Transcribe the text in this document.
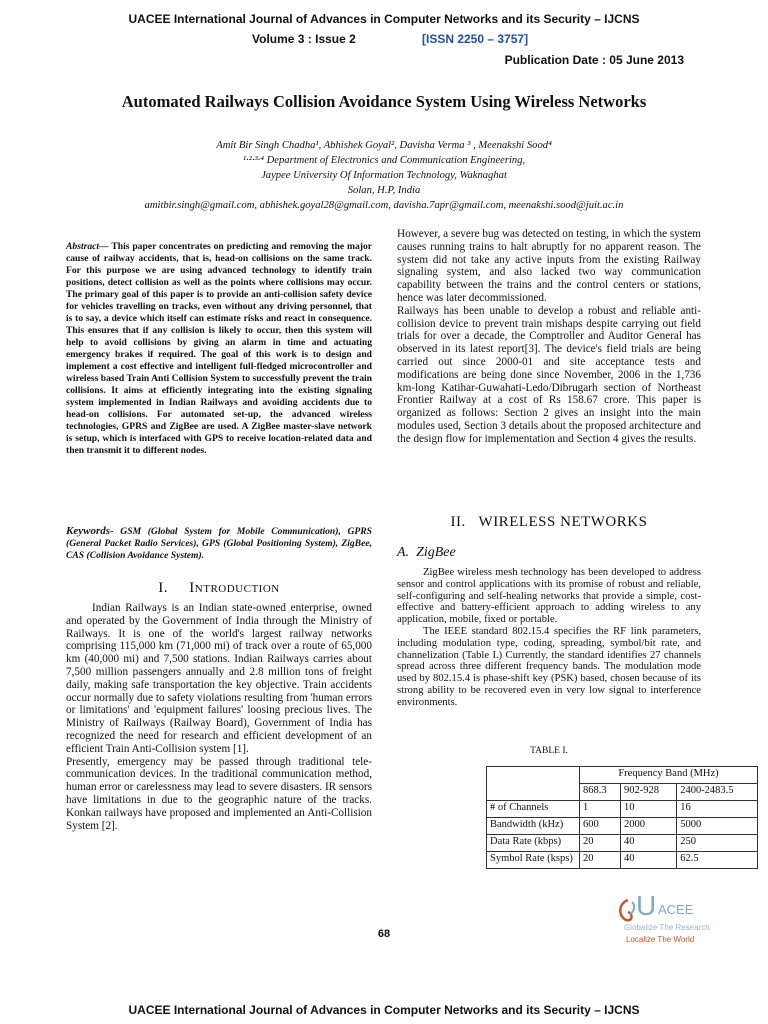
UACEE International Journal of Advances in Computer Networks and its Security – IJCNS
Volume 3 : Issue 2	[ISSN 2250 – 3757]
Publication Date : 05 June 2013
Automated Railways Collision Avoidance System Using Wireless Networks
Amit Bir Singh Chadha¹, Abhishek Goyal², Davisha Verma ³ , Meenakshi Sood⁴
¹·²·³·⁴ Department of Electronics and Communication Engineering,
Jaypee University Of Information Technology, Waknaghat
Solan, H.P, India
amitbir.singh@gmail.com, abhishek.goyal28@gmail.com, davisha.7apr@gmail.com, meenakshi.sood@juit.ac.in
Abstract— This paper concentrates on predicting and removing the major cause of railway accidents, that is, head-on collisions on the same track. For this purpose we are using advanced technology to identify train positions, detect collision as well as the points where collisions may occur. The primary goal of this paper is to provide an anti-collision safety device for vehicles travelling on tracks, even without any driving personnel, that is to say, a device which itself can estimate risks and react in consequence. This ensures that if any collision is likely to occur, then this system will help to avoid collisions by giving an alarm in time and actuating emergency brakes if required. The goal of this work is to design and implement a cost effective and intelligent full-fledged microcontroller and wireless based Train Anti Collision System to successfully prevent the train collisions. It aims at efficiently integrating into the existing signaling system implemented in Indian Railways and avoiding accidents due to head-on collisions. For automated set-up, the advanced wireless technologies, GPRS and ZigBee are used. A ZigBee master-slave network is setup, which is interfaced with GPS to receive location-related data and then transmit it to different nodes.
Keywords- GSM (Global System for Mobile Communication), GPRS (General Packet Radio Services), GPS (Global Positioning System), ZigBee, CAS (Collision Avoidance System).
I. Introduction

Indian Railways is an Indian state-owned enterprise, owned and operated by the Government of India through the Ministry of Railways. It is one of the world's largest railway networks comprising 115,000 km (71,000 mi) of track over a route of 65,000 km (40,000 mi) and 7,500 stations. Indian Railways carries about 7,500 million passengers annually and 2.8 million tons of freight daily, making safe transportation the key objective. Train accidents occur normally due to safety violations resulting from 'human errors or limitations' and 'equipment failures' loosing precious lives. The Ministry of Railways (Railway Board), Government of India has recognized the need for research and efficient development of an efficient Train Anti-Collision system [1].

Presently, emergency may be passed through traditional tele-communication devices. In the traditional communication method, human error or carelessness may lead to severe disasters. IR sensors have limitations in due to the geographic nature of the tracks. Konkan railways have proposed and implemented an Anti-Collision System [2].

However, a severe bug was detected on testing, in which the system causes running trains to halt abruptly for no apparent reason. The system did not take any active inputs from the existing Railway signaling system, and also lacked two way communication capability between the trains and the control centers or stations, hence was later decommissioned.

Railways has been unable to develop a robust and reliable anti-collision device to prevent train mishaps despite carrying out field trials for over a decade, the Comptroller and Auditor General has observed in its latest report[3]. The device's field trials are being carried out since 2000-01 and site acceptance tests and modifications are being done since November, 2006 in the 1,736 km-long Katihar-Guwahati-Ledo/Dibrugarh section of Northeast Frontier Railway at a cost of Rs 158.67 crore. This paper is organized as follows: Section 2 gives an insight into the main modules used, Section 3 details about the proposed architecture and the design flow for implementation and Section 4 gives the results.

II. WIRELESS NETWORKS
A. ZigBee

ZigBee wireless mesh technology has been developed to address sensor and control applications with its promise of robust and reliable, self-configuring and self-healing networks that provide a simple, cost-effective and battery-efficient approach to adding wireless to any application, mobile, fixed or portable.

The IEEE standard 802.15.4 specifies the RF link parameters, including modulation type, coding, spreading, symbol/bit rate, and channelization (Table I.) Currently, the standard identifies 27 channels spread across three different frequency bands. The modulation mode used by 802.15.4 is phase-shift key (PSK) based, chosen because of its strong ability to be recovered even in very low signal to interference environments.

TABLE I.
	Frequency Band (MHz)		
	868.3	902-928	2400-2483.5
# of Channels	1	10	16
Bandwidth (kHz)	600	2000	5000
Data Rate (kbps)	20	40	250
Symbol Rate (ksps)	20	40	62.5
U ACEE
Globalize The Research
Localize The World
68
UACEE International Journal of Advances in Computer Networks and its Security – IJCNS
